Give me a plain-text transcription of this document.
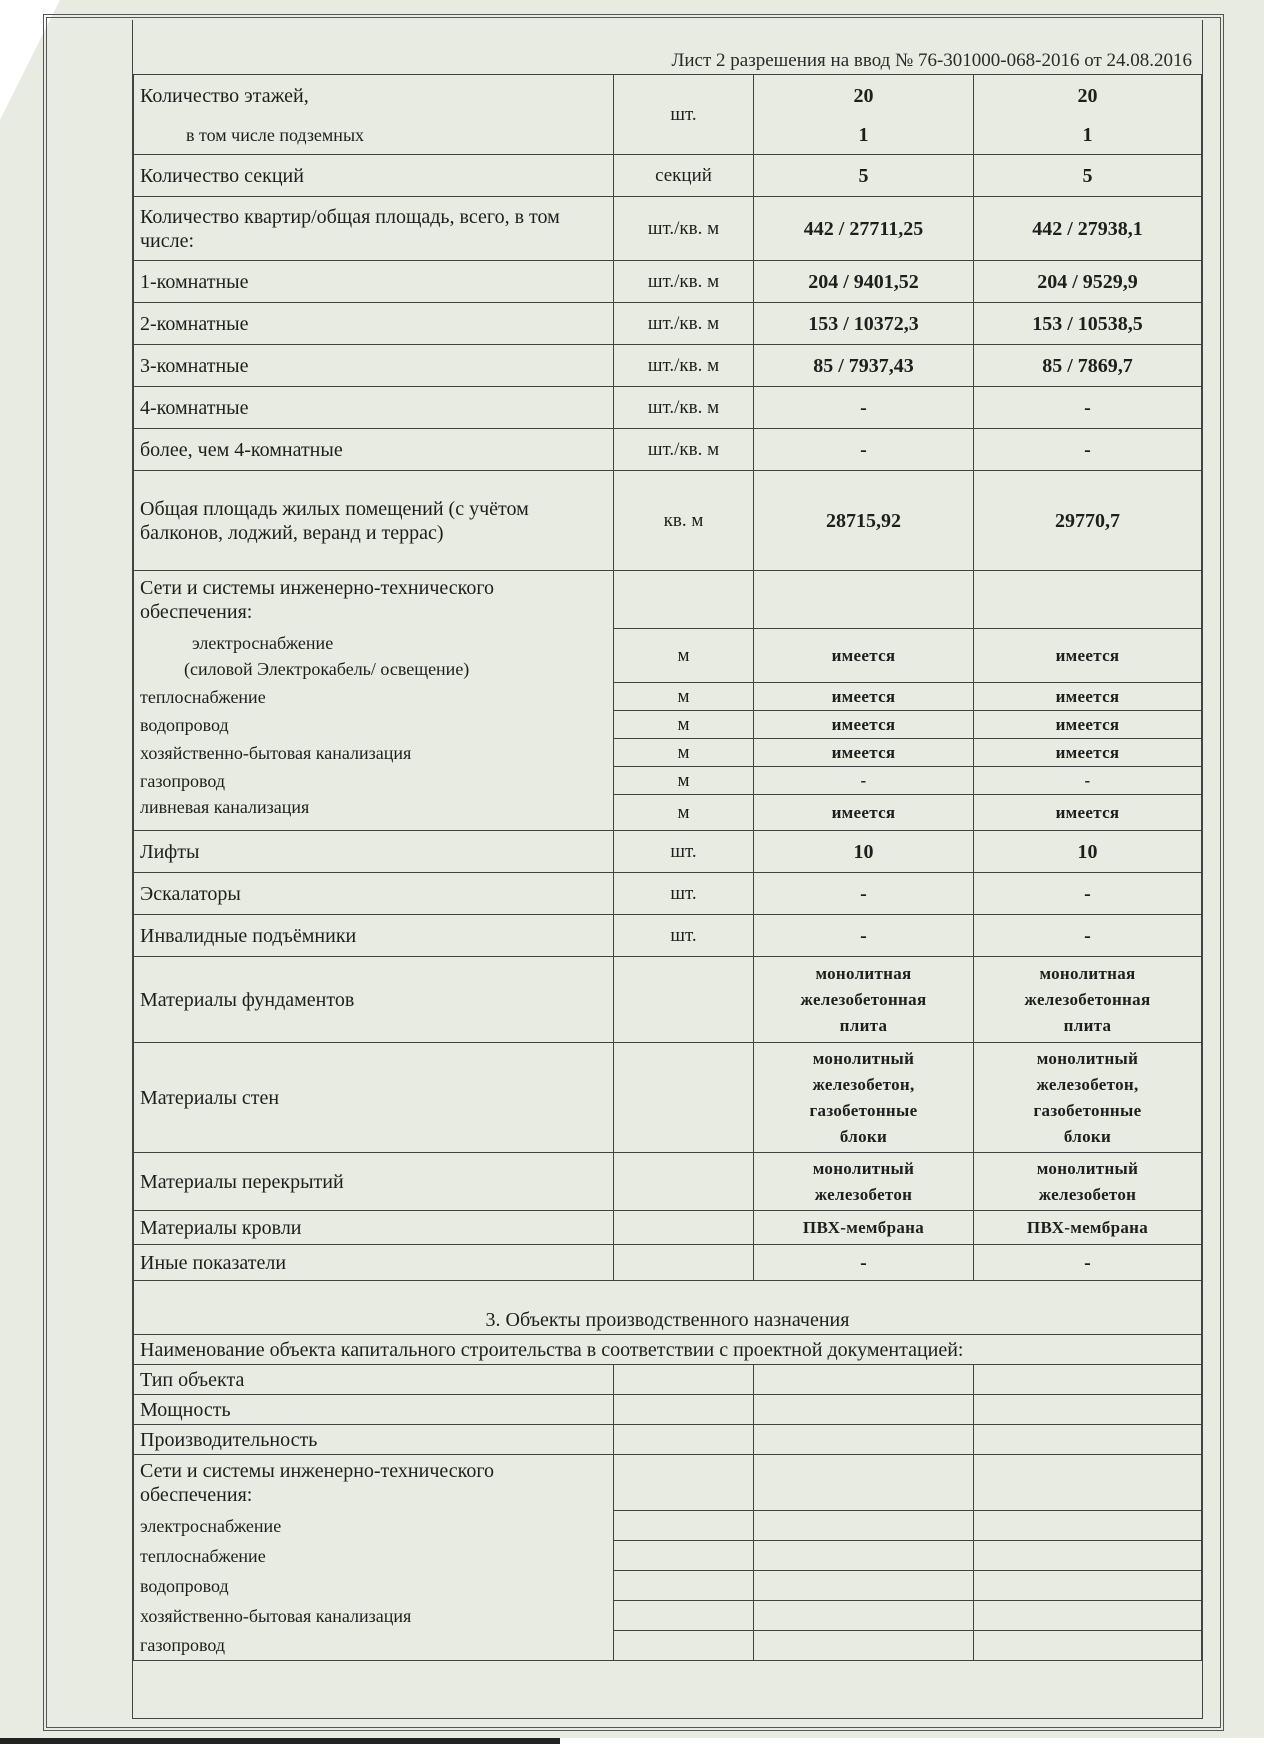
Лист 2 разрешения на ввод № 76-301000-068-2016 от 24.08.2016
Количество этажей,	шт.	20	20
в том числе подземных		1	1
Количество секций	секций	5	5
Количество квартир/общая площадь, всего, в том числе:	шт./кв. м	442 / 27711,25	442 / 27938,1
1-комнатные	шт./кв. м	204 / 9401,52	204 / 9529,9
2-комнатные	шт./кв. м	153 / 10372,3	153 / 10538,5
3-комнатные	шт./кв. м	85 / 7937,43	85 / 7869,7
4-комнатные	шт./кв. м	-	-
более, чем 4-комнатные	шт./кв. м	-	-
Общая площадь жилых помещений (с учётом балконов, лоджий, веранд и террас)	кв. м	28715,92	29770,7
Сети и системы инженерно-технического обеспечения:			

электроснабжение
(силовой Электрокабель/ освещение)	м	имеется	имеется
теплоснабжение	м	имеется	имеется
водопровод	м	имеется	имеется
хозяйственно-бытовая канализация	м	имеется	имеется
газопровод	м	-	-
ливневая канализация	м	имеется	имеется
Лифты	шт.	10	10
Эскалаторы	шт.	-	-
Инвалидные подъёмники	шт.	-	-
Материалы фундаментов		монолитная
железобетонная
плита	монолитная
железобетонная
плита

Материалы стен		монолитный
железобетон,
газобетонные
блоки	монолитный
железобетон,
газобетонные
блоки

Материалы перекрытий		монолитный
железобетон	монолитный
железобетон

Материалы кровли		ПВХ-мембрана	ПВХ-мембрана
Иные показатели		-	-
3. Объекты производственного назначения			
Наименование объекта капитального строительства в соответствии с проектной документацией:			
Тип объекта			
Мощность			
Производительность			
Сети и системы инженерно-технического обеспечения:			
электроснабжение			
теплоснабжение			
водопровод			
хозяйственно-бытовая канализация			
газопровод			
